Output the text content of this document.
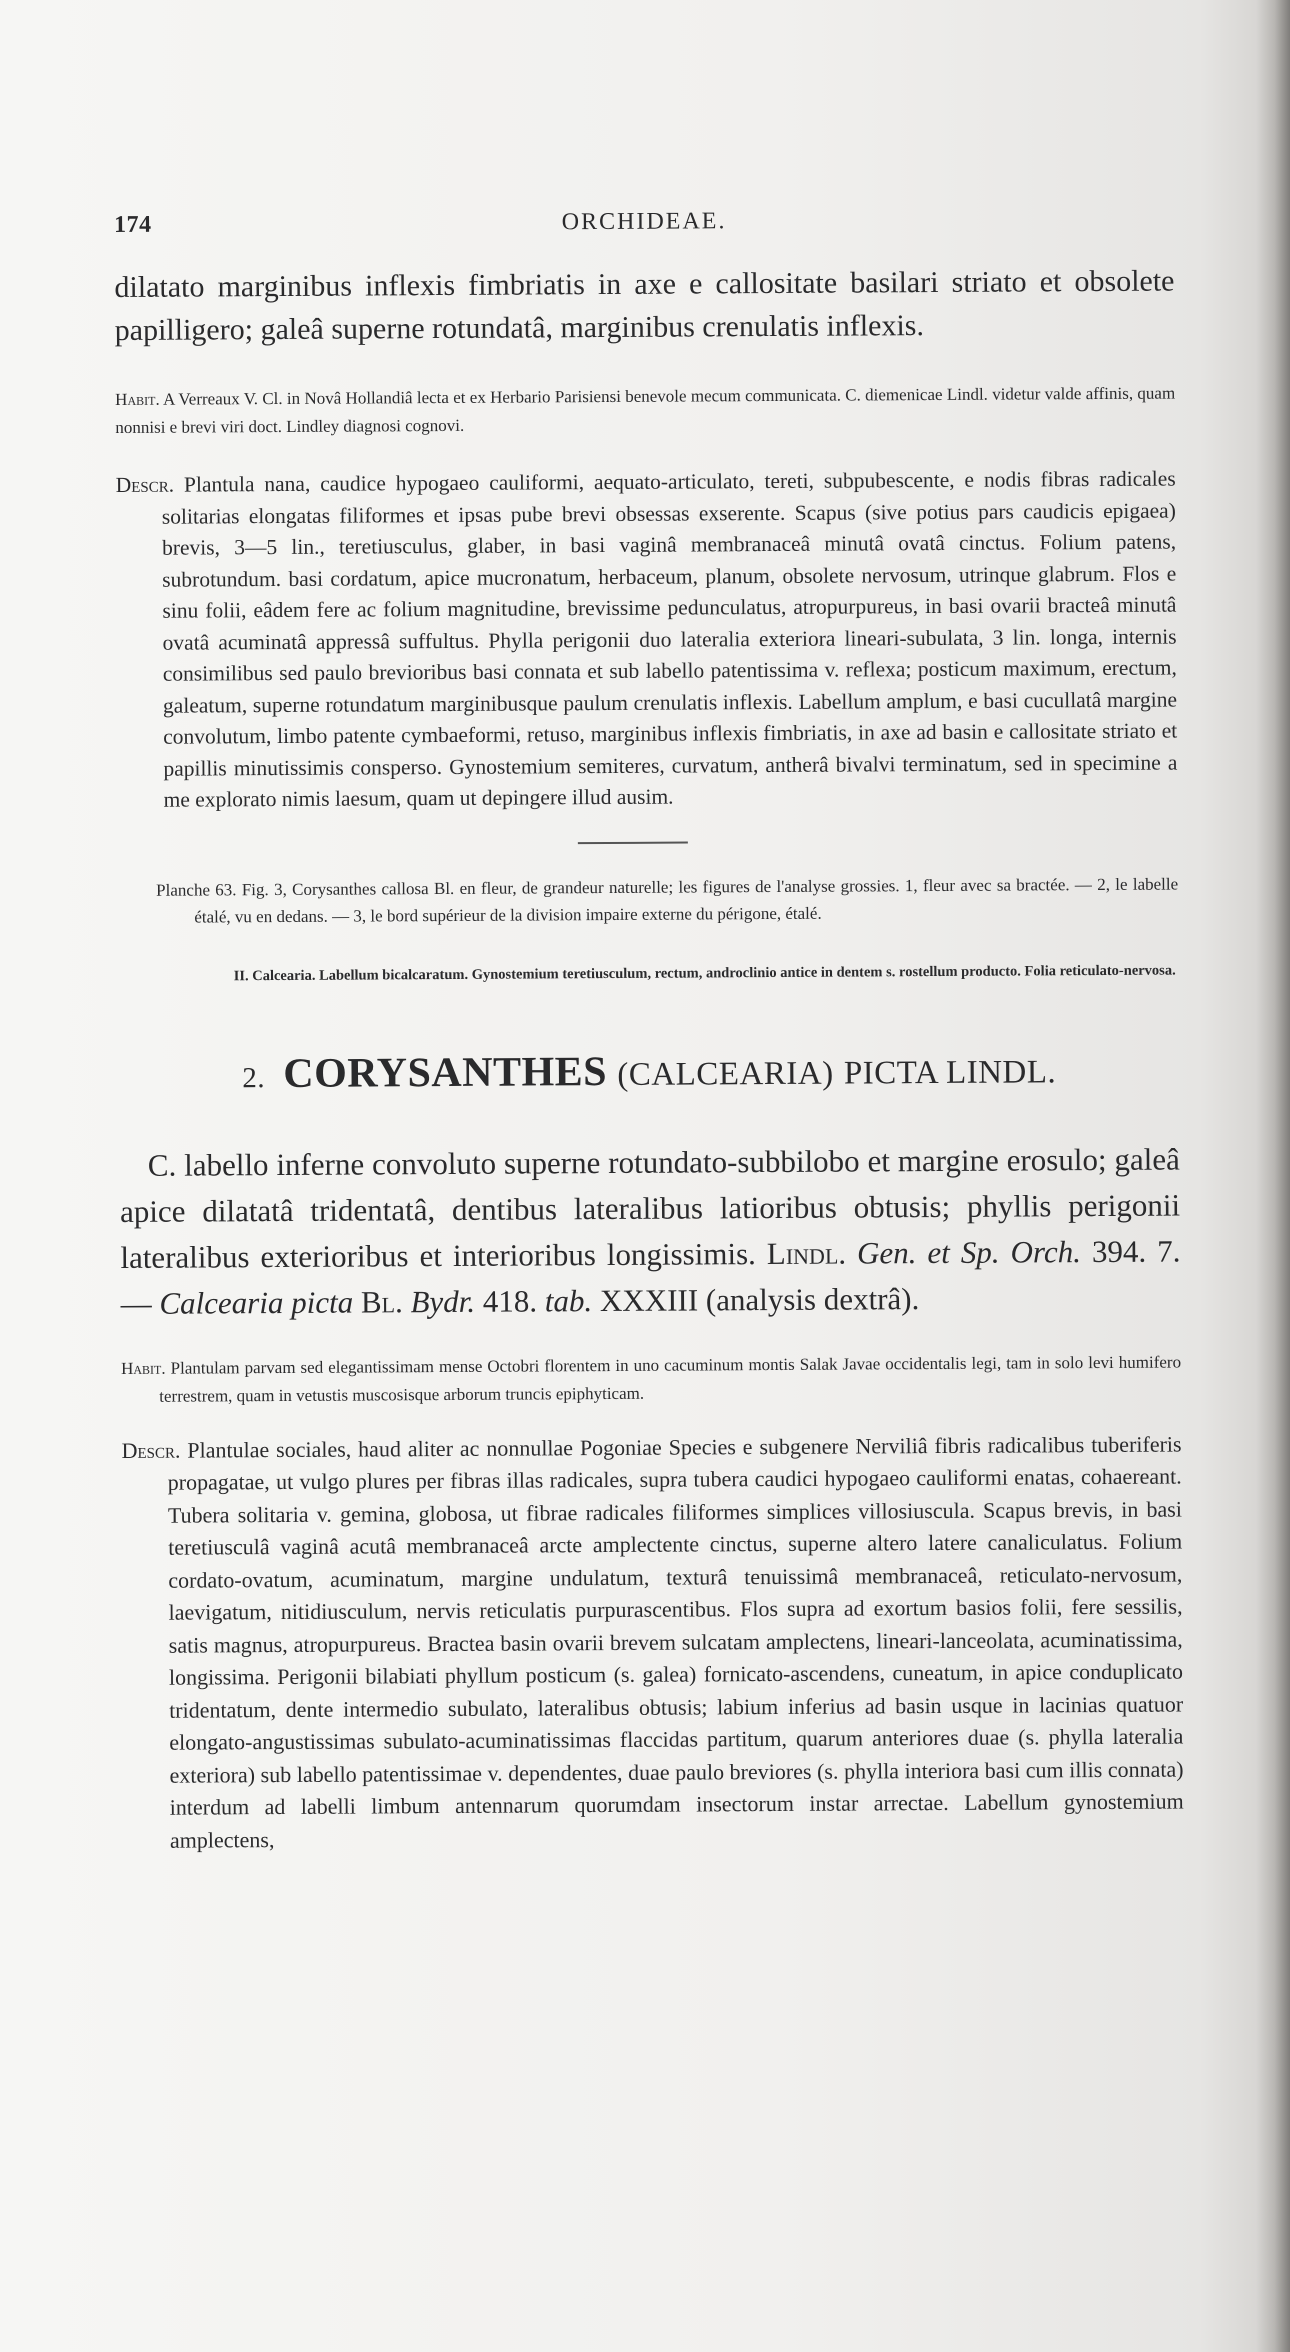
174	ORCHIDEAE.

dilatato marginibus inflexis fimbriatis in axe e callositate basilari striato et obsolete papilligero; galeâ superne rotundatâ, marginibus crenulatis inflexis.

Habit. A Verreaux V. Cl. in Novâ Hollandiâ lecta et ex Herbario Parisiensi benevole mecum communicata. C. diemenicae Lindl. videtur valde affinis, quam nonnisi e brevi viri doct. Lindley diagnosi cognovi.

Descr. Plantula nana, caudice hypogaeo cauliformi, aequato-articulato, tereti, subpubescente, e nodis fibras radicales solitarias elongatas filiformes et ipsas pube brevi obsessas exserente. Scapus (sive potius pars caudicis epigaea) brevis, 3—5 lin., teretiusculus, glaber, in basi vaginâ membranaceâ minutâ ovatâ cinctus. Folium patens, subrotundum. basi cordatum, apice mucronatum, herbaceum, planum, obsolete nervosum, utrinque glabrum. Flos e sinu folii, eâdem fere ac folium magnitudine, brevissime pedunculatus, atropurpureus, in basi ovarii bracteâ minutâ ovatâ acuminatâ appressâ suffultus. Phylla perigonii duo lateralia exteriora lineari-subulata, 3 lin. longa, internis consimilibus sed paulo brevioribus basi connata et sub labello patentissima v. reflexa; posticum maximum, erectum, galeatum, superne rotundatum marginibusque paulum crenulatis inflexis. Labellum amplum, e basi cucullatâ margine convolutum, limbo patente cymbaeformi, retuso, marginibus inflexis fimbriatis, in axe ad basin e callositate striato et papillis minutissimis consperso. Gynostemium semiteres, curvatum, antherâ bivalvi terminatum, sed in specimine a me explorato nimis laesum, quam ut depingere illud ausim.

Planche 63. Fig. 3, Corysanthes callosa Bl. en fleur, de grandeur naturelle; les figures de l'analyse grossies. 1, fleur avec sa bractée. — 2, le labelle étalé, vu en dedans. — 3, le bord supérieur de la division impaire externe du périgone, étalé.

II. Calcearia. Labellum bicalcaratum. Gynostemium teretiusculum, rectum, androclinio antice in dentem s. rostellum producto. Folia reticulato-nervosa.

2. CORYSANTHES (CALCEARIA) PICTA LINDL.

C. labello inferne convoluto superne rotundato-subbilobo et margine erosulo; galeâ apice dilatatâ tridentatâ, dentibus lateralibus latioribus obtusis; phyllis perigonii lateralibus exterioribus et interioribus longissimis. Lindl. Gen. et Sp. Orch. 394. 7. — Calcearia picta Bl. Bydr. 418. tab. XXXIII (analysis dextrâ).

Habit. Plantulam parvam sed elegantissimam mense Octobri florentem in uno cacuminum montis Salak Javae occidentalis legi, tam in solo levi humifero terrestrem, quam in vetustis muscosisque arborum truncis epiphyticam.

Descr. Plantulae sociales, haud aliter ac nonnullae Pogoniae Species e subgenere Nerviliâ fibris radicalibus tuberiferis propagatae, ut vulgo plures per fibras illas radicales, supra tubera caudici hypogaeo cauliformi enatas, cohaereant. Tubera solitaria v. gemina, globosa, ut fibrae radicales filiformes simplices villosiuscula. Scapus brevis, in basi teretiusculâ vaginâ acutâ membranaceâ arcte amplectente cinctus, superne altero latere canaliculatus. Folium cordato-ovatum, acuminatum, margine undulatum, texturâ tenuissimâ membranaceâ, reticulato-nervosum, laevigatum, nitidiusculum, nervis reticulatis purpurascentibus. Flos supra ad exortum basios folii, fere sessilis, satis magnus, atropurpureus. Bractea basin ovarii brevem sulcatam amplectens, lineari-lanceolata, acuminatissima, longissima. Perigonii bilabiati phyllum posticum (s. galea) fornicato-ascendens, cuneatum, in apice conduplicato tridentatum, dente intermedio subulato, lateralibus obtusis; labium inferius ad basin usque in lacinias quatuor elongato-angustissimas subulato-acuminatissimas flaccidas partitum, quarum anteriores duae (s. phylla lateralia exteriora) sub labello patentissimae v. dependentes, duae paulo breviores (s. phylla interiora basi cum illis connata) interdum ad labelli limbum antennarum quorumdam insectorum instar arrectae. Labellum gynostemium amplectens,
